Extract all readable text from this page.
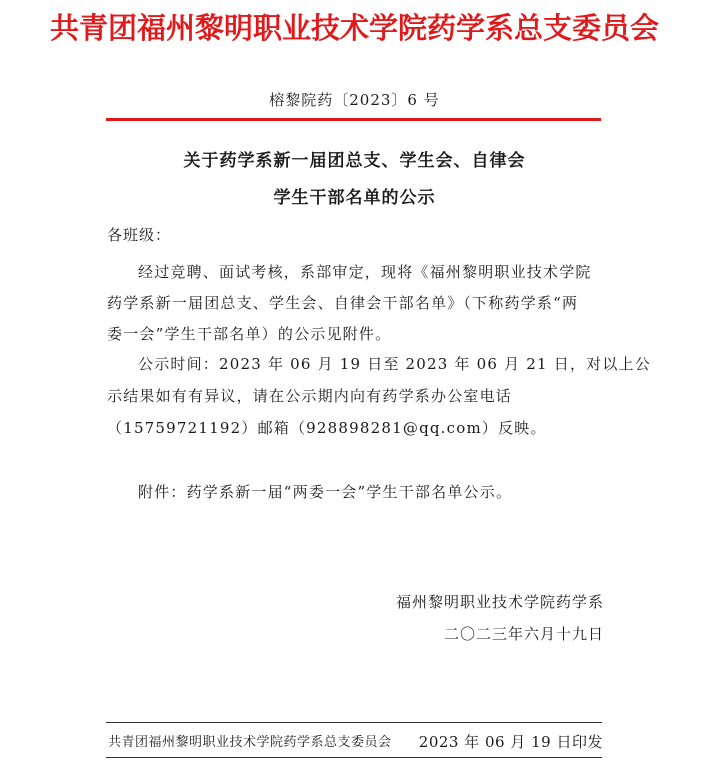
共青团福州黎明职业技术学院药学系总支委员会
榕黎院药〔2023〕6 号
关于药学系新一届团总支、学生会、自律会
学生干部名单的公示
各班级：
经过竞聘、面试考核，系部审定，现将《福州黎明职业技术学院
药学系新一届团总支、学生会、自律会干部名单》（下称药学系“两
委一会”学生干部名单）的公示见附件。
公示时间：2023 年 06 月 19 日至 2023 年 06 月 21 日，对以上公
示结果如有有异议，请在公示期内向有药学系办公室电话
（15759721192）邮箱（928898281@qq.com）反映。
附件：药学系新一届“两委一会”学生干部名单公示。
福州黎明职业技术学院药学系
二〇二三年六月十九日
共青团福州黎明职业技术学院药学系总支委员会 2023 年 06 月 19 日印发
